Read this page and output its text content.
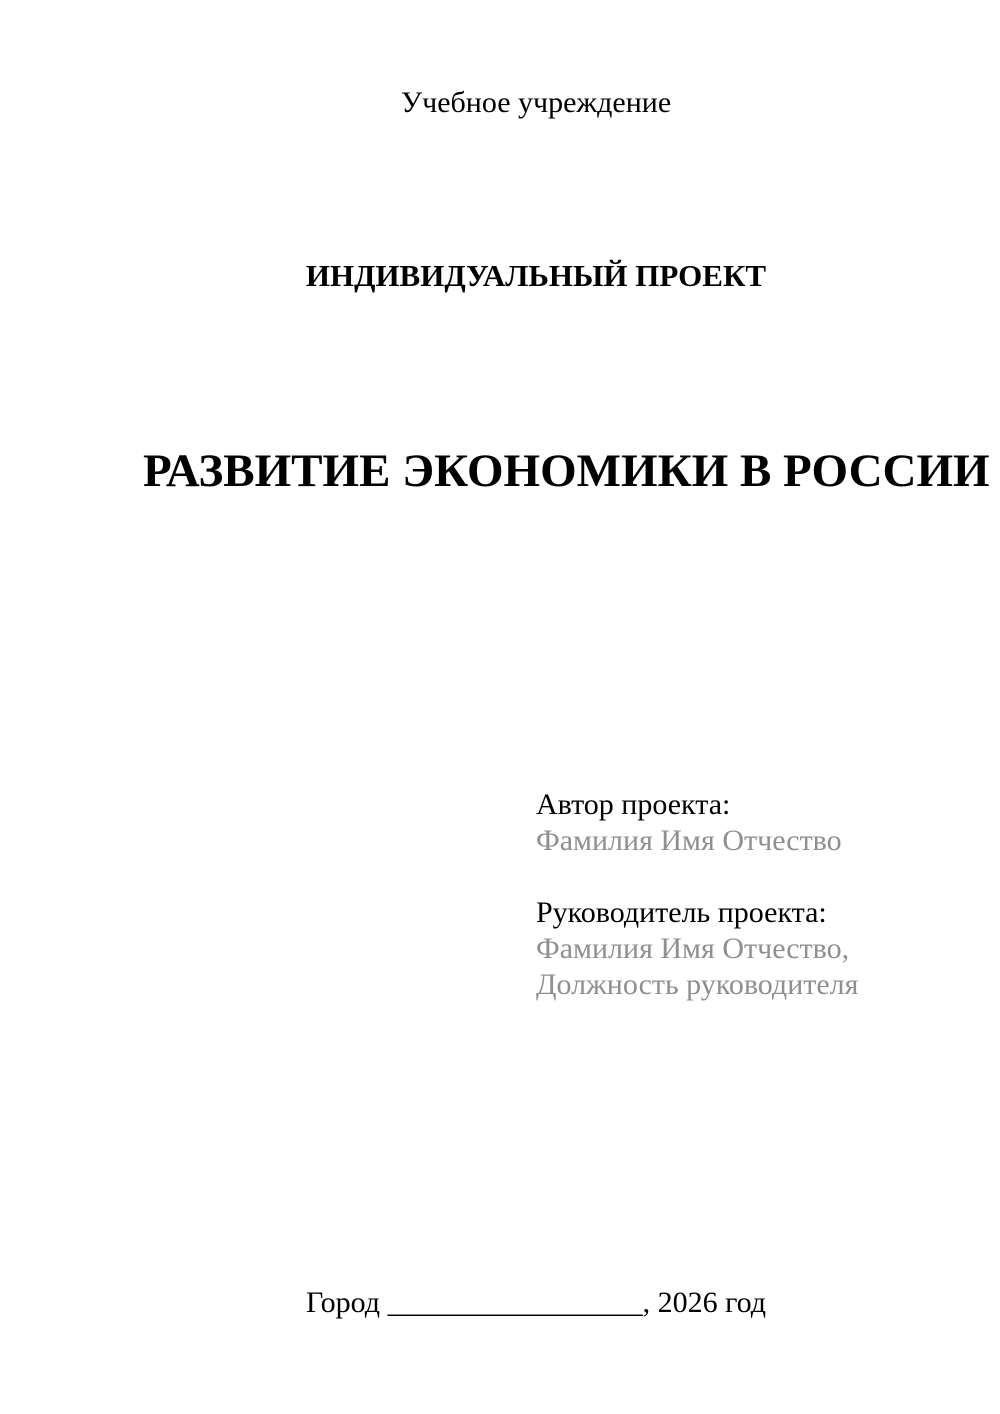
Учебное учреждение
ИНДИВИДУАЛЬНЫЙ ПРОЕКТ
РАЗВИТИЕ ЭКОНОМИКИ В РОССИИ
Автор проекта:
Фамилия Имя Отчество
Руководитель проекта:
Фамилия Имя Отчество,
Должность руководителя
Город _________________, 2026 год
